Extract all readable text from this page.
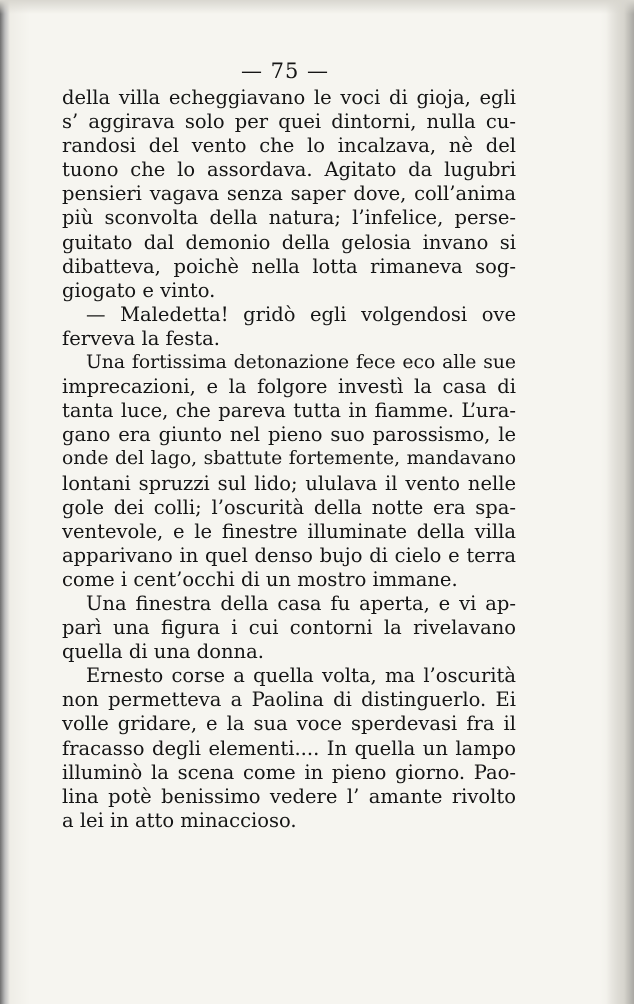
— 75 —
della villa echeggiavano le voci di gioja, egli
s’ aggirava solo per quei dintorni, nulla cu-
randosi del vento che lo incalzava, nè del
tuono che lo assordava. Agitato da lugubri
pensieri vagava senza saper dove, coll’anima
più sconvolta della natura; l’infelice, perse-
guitato dal demonio della gelosia invano si
dibatteva, poichè nella lotta rimaneva sog-
giogato e vinto.
— Maledetta! gridò egli volgendosi ove
ferveva la festa.
Una fortissima detonazione fece eco alle sue
imprecazioni, e la folgore investì la casa di
tanta luce, che pareva tutta in fiamme. L’ura-
gano era giunto nel pieno suo parossismo, le
onde del lago, sbattute fortemente, mandavano
lontani spruzzi sul lido; ululava il vento nelle
gole dei colli; l’oscurità della notte era spa-
ventevole, e le finestre illuminate della villa
apparivano in quel denso bujo di cielo e terra
come i cent’occhi di un mostro immane.
Una finestra della casa fu aperta, e vi ap-
parì una figura i cui contorni la rivelavano
quella di una donna.
Ernesto corse a quella volta, ma l’oscurità
non permetteva a Paolina di distinguerlo. Ei
volle gridare, e la sua voce sperdevasi fra il
fracasso degli elementi.... In quella un lampo
illuminò la scena come in pieno giorno. Pao-
lina potè benissimo vedere l’ amante rivolto
a lei in atto minaccioso.
